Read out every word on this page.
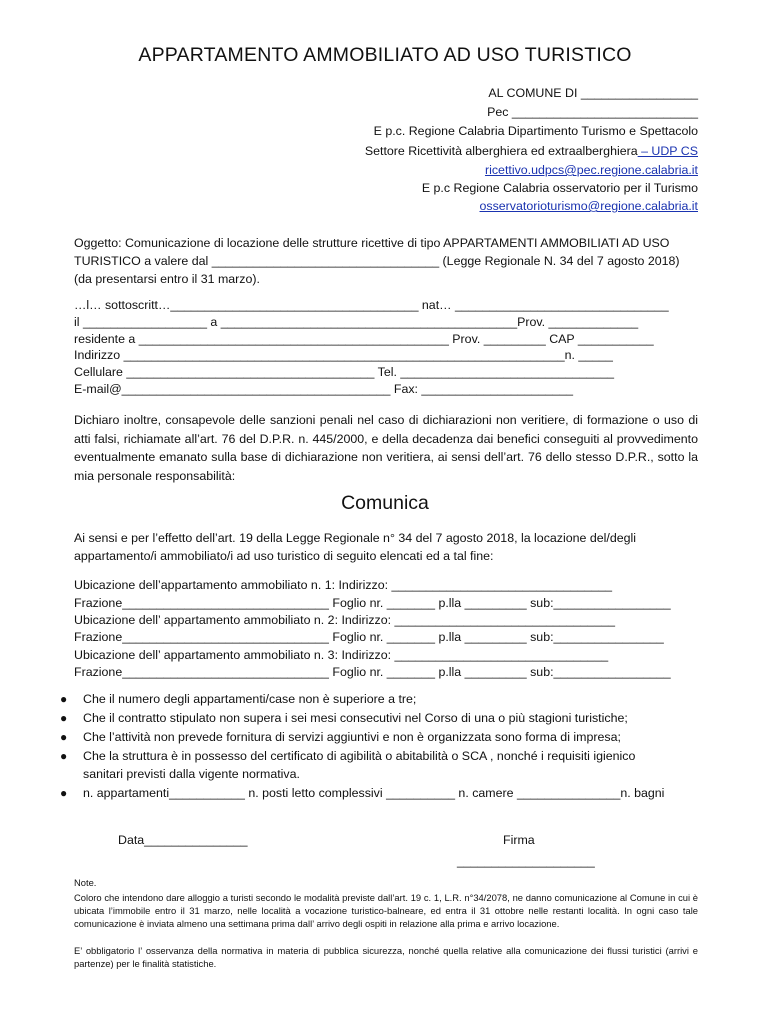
APPARTAMENTO AMMOBILIATO AD USO TURISTICO
AL COMUNE DI _________________
Pec ___________________________
E p.c. Regione Calabria Dipartimento Turismo e Spettacolo
Settore Ricettività alberghiera ed extraalberghiera – UDP CS
ricettivo.udpcs@pec.regione.calabria.it
E p.c Regione Calabria osservatorio per il Turismo
osservatorioturismo@regione.calabria.it
Oggetto: Comunicazione di locazione delle strutture ricettive di tipo APPARTAMENTI AMMOBILIATI AD USO
TURISTICO a valere dal _________________________________ (Legge Regionale N. 34 del 7 agosto 2018)
(da presentarsi entro il 31 marzo).
…l… sottoscritt…____________________________________ nat… _______________________________
il __________________ a ___________________________________________Prov. _____________
residente a _____________________________________________ Prov. _________ CAP ___________
Indirizzo ________________________________________________________________n. _____
Cellulare ____________________________________ Tel. _______________________________
E-mail@_______________________________________ Fax: ______________________
Dichiaro inoltre, consapevole delle sanzioni penali nel caso di dichiarazioni non veritiere, di formazione o uso di atti falsi, richiamate all’art. 76 del D.P.R. n. 445/2000, e della decadenza dai benefici conseguiti al provvedimento eventualmente emanato sulla base di dichiarazione non veritiera, ai sensi dell’art. 76 dello stesso D.P.R., sotto la mia personale responsabilità:
Comunica
Ai sensi e per l’effetto dell’art. 19 della Legge Regionale n° 34 del 7 agosto 2018, la locazione del/degli
appartamento/i ammobiliato/i ad uso turistico di seguito elencati ed a tal fine:
Ubicazione dell’appartamento ammobiliato n. 1: Indirizzo: ________________________________
Frazione______________________________ Foglio nr. _______ p.lla _________ sub:_________________
Ubicazione dell’ appartamento ammobiliato n. 2: Indirizzo: ________________________________
Frazione______________________________ Foglio nr. _______ p.lla _________ sub:________________
Ubicazione dell’ appartamento ammobiliato n. 3: Indirizzo: _______________________________
Frazione______________________________ Foglio nr. _______ p.lla _________ sub:_________________
● Che il numero degli appartamenti/case non è superiore a tre;
● Che il contratto stipulato non supera i sei mesi consecutivi nel Corso di una o più stagioni turistiche;
● Che l’attività non prevede fornitura di servizi aggiuntivi e non è organizzata sono forma di impresa;
● Che la struttura è in possesso del certificato di agibilità o abitabilità o SCA , nonché i requisiti igienico
sanitari previsti dalla vigente normativa.
● n. appartamenti___________ n. posti letto complessivi __________ n. camere _______________n. bagni
Data_______________	Firma
____________________
Note.
Coloro che intendono dare alloggio a turisti secondo le modalità previste dall’art. 19 c. 1, L.R. n°34/2078, ne danno comunicazione al Comune in cui è ubicata l’immobile entro il 31 marzo, nelle località a vocazione turistico-balneare, ed entra il 31 ottobre nelle restanti località. In ogni caso tale comunicazione è inviata almeno una settimana prima dall’ arrivo degli ospiti in relazione alla prima e arrivo locazione.
E’ obbligatorio l’ osservanza della normativa in materia di pubblica sicurezza, nonché quella relative alla comunicazione dei flussi turistici (arrivi e partenze) per le finalità statistiche.
